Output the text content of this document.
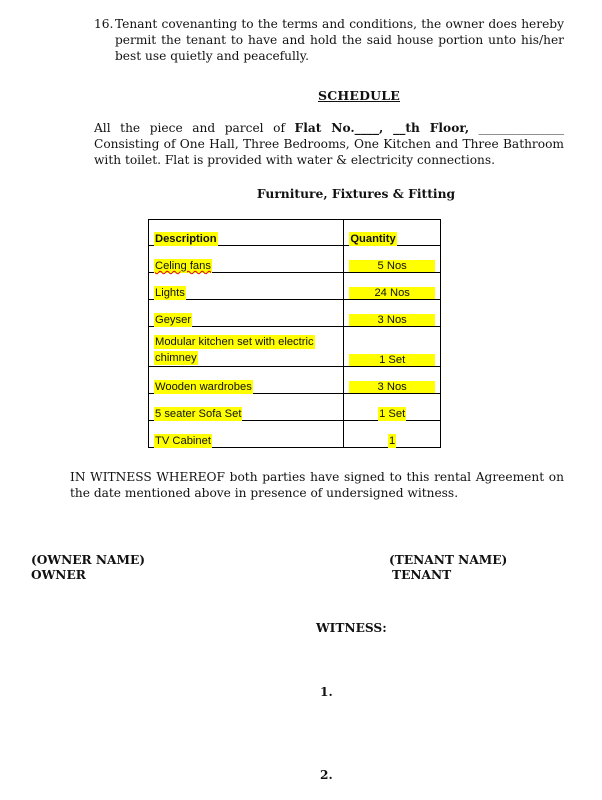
16. Tenant covenanting to the terms and conditions, the owner does hereby permit the tenant to have and hold the said house portion unto his/her best use quietly and peacefully.
SCHEDULE
All the piece and parcel of Flat No.____, __th Floor, ______________ Consisting of One Hall, Three Bedrooms, One Kitchen and Three Bathroom with toilet. Flat is provided with water & electricity connections.
Furniture, Fixtures & Fitting
Description	Quantity
Celing fans	5 Nos
Lights	24 Nos
Geyser	3 Nos
Modular kitchen set with electric
chimney	1 Set
Wooden wardrobes	3 Nos
5 seater Sofa Set	1 Set
TV Cabinet	1
IN WITNESS WHEREOF both parties have signed to this rental Agreement on the date mentioned above in presence of undersigned witness.
(OWNER NAME)
OWNER
(TENANT NAME)
TENANT
WITNESS:
1.
2.
